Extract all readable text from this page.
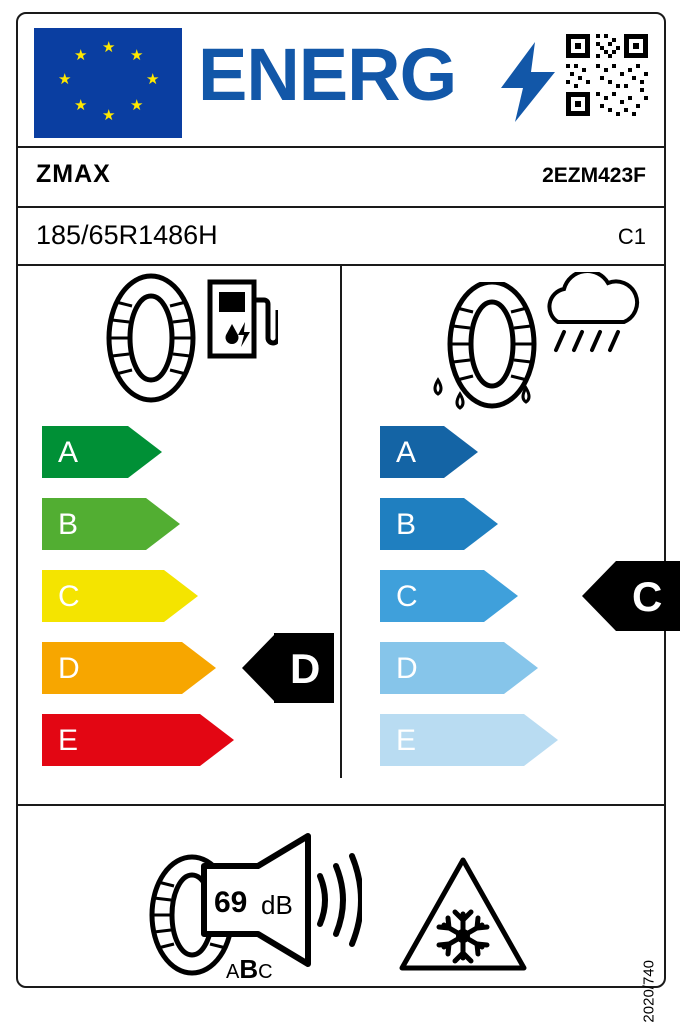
★ ★
★
★
★
★
★
★ ENERG
ZMAX	2EZM423F
185/65R1486H	C1
A
B
C
D
E
D
A
B
C
D
E
C
69 dB
ABC	2020/740
